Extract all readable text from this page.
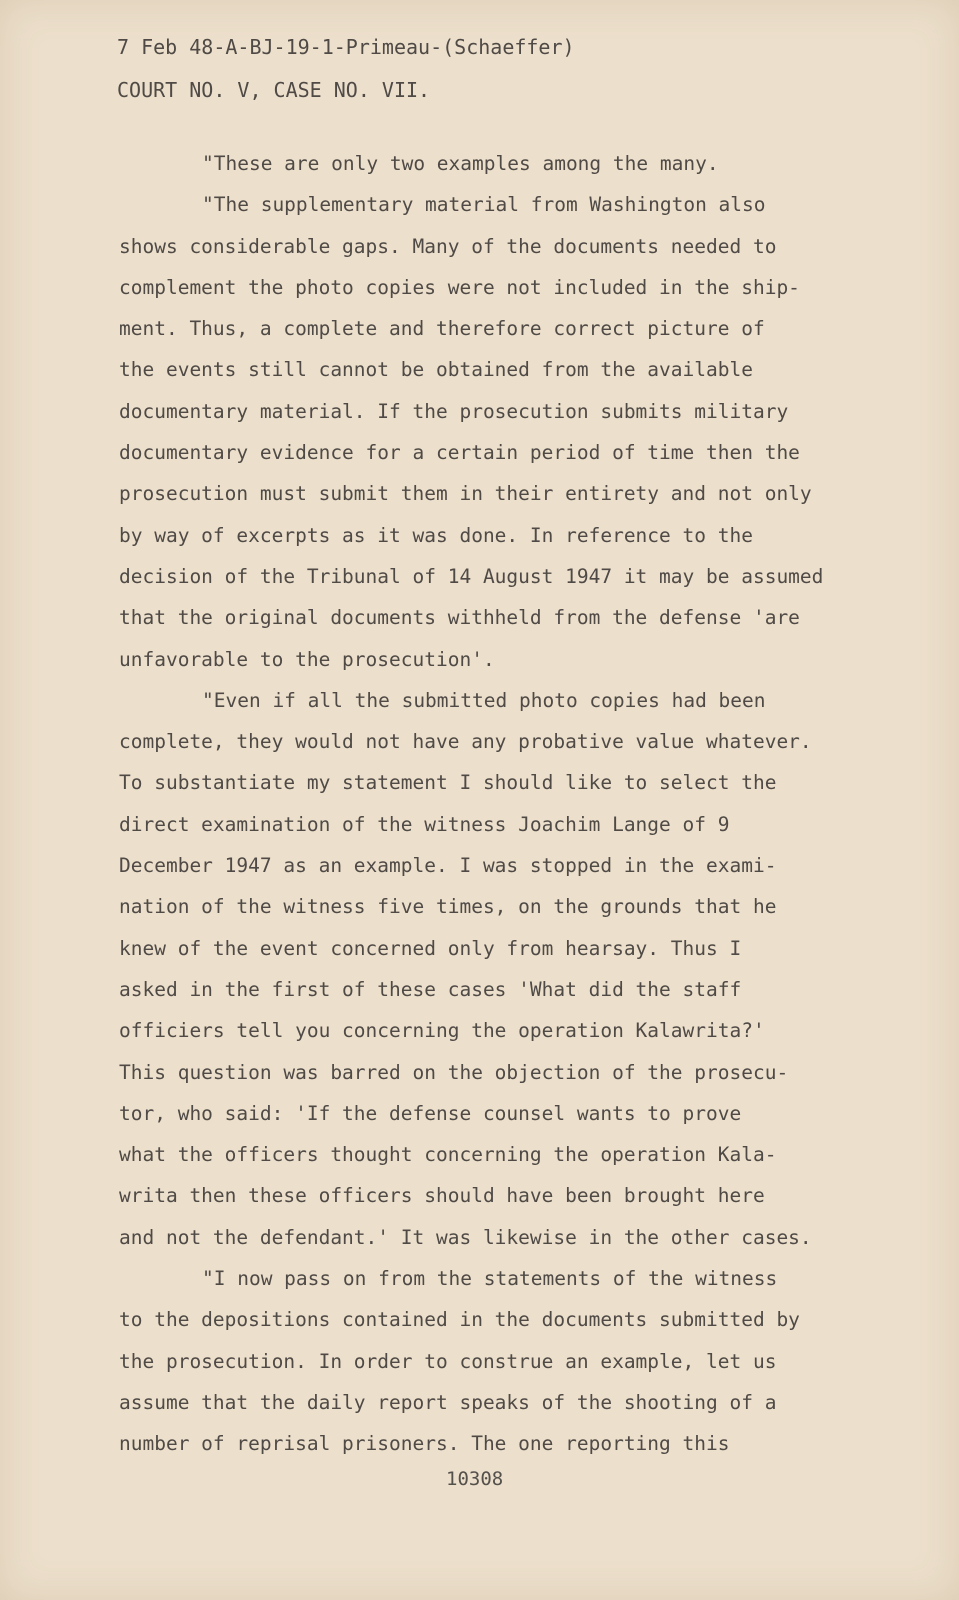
7 Feb 48-A-BJ-19-1-Primeau-(Schaeffer)
COURT NO. V, CASE NO. VII.
"These are only two examples among the many.
"The supplementary material from Washington also
shows considerable gaps. Many of the documents needed to
complement the photo copies were not included in the ship-
ment. Thus, a complete and therefore correct picture of
the events still cannot be obtained from the available
documentary material. If the prosecution submits military
documentary evidence for a certain period of time then the
prosecution must submit them in their entirety and not only
by way of excerpts as it was done. In reference to the
decision of the Tribunal of 14 August 1947 it may be assumed
that the original documents withheld from the defense 'are
unfavorable to the prosecution'.
"Even if all the submitted photo copies had been
complete, they would not have any probative value whatever.
To substantiate my statement I should like to select the
direct examination of the witness Joachim Lange of 9
December 1947 as an example. I was stopped in the exami-
nation of the witness five times, on the grounds that he
knew of the event concerned only from hearsay. Thus I
asked in the first of these cases 'What did the staff
officiers tell you concerning the operation Kalawrita?'
This question was barred on the objection of the prosecu-
tor, who said: 'If the defense counsel wants to prove
what the officers thought concerning the operation Kala-
writa then these officers should have been brought here
and not the defendant.' It was likewise in the other cases.
"I now pass on from the statements of the witness
to the depositions contained in the documents submitted by
the prosecution. In order to construe an example, let us
assume that the daily report speaks of the shooting of a
number of reprisal prisoners. The one reporting this
10308
